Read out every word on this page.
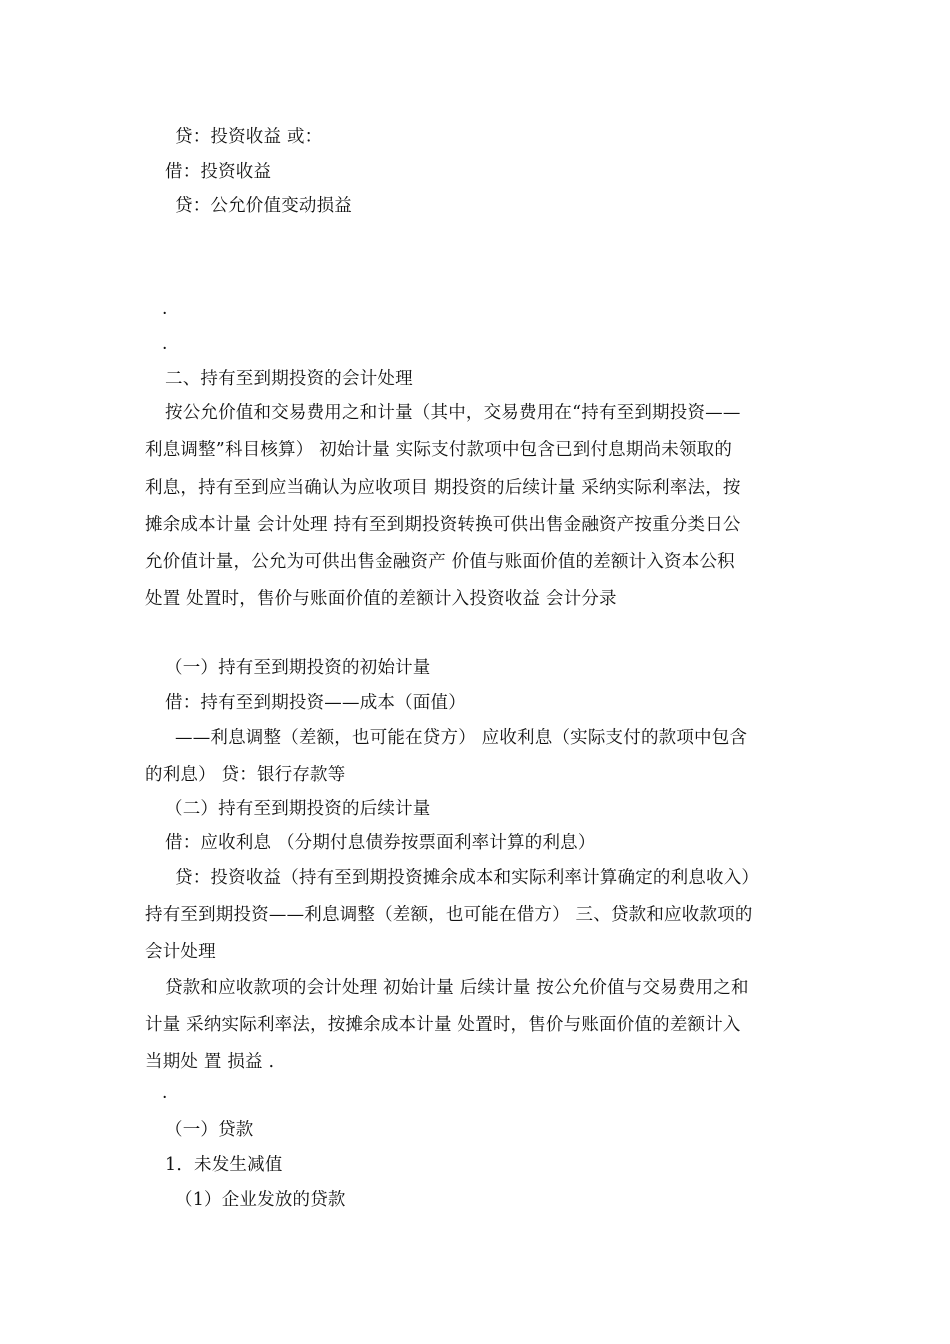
贷：投资收益 或：
借：投资收益
贷：公允价值变动损益
·
·
二、持有至到期投资的会计处理
按公允价值和交易费用之和计量（其中，交易费用在“持有至到期投资——
利息调整”科目核算） 初始计量 实际支付款项中包含已到付息期尚未领取的
利息，持有至到应当确认为应收项目 期投资的后续计量 采纳实际利率法，按
摊余成本计量 会计处理 持有至到期投资转换可供出售金融资产按重分类日公
允价值计量，公允为可供出售金融资产 价值与账面价值的差额计入资本公积
处置 处置时，售价与账面价值的差额计入投资收益 会计分录
（一）持有至到期投资的初始计量
借：持有至到期投资——成本（面值）
——利息调整（差额，也可能在贷方） 应收利息（实际支付的款项中包含
的利息） 贷：银行存款等
（二）持有至到期投资的后续计量
借：应收利息 （分期付息债券按票面利率计算的利息）
贷：投资收益（持有至到期投资摊余成本和实际利率计算确定的利息收入）
持有至到期投资——利息调整（差额，也可能在借方） 三、贷款和应收款项的
会计处理
贷款和应收款项的会计处理 初始计量 后续计量 按公允价值与交易费用之和
计量 采纳实际利率法，按摊余成本计量 处置时，售价与账面价值的差额计入
当期处 置 损益 .
·
（一）贷款
1．未发生减值
（1）企业发放的贷款
